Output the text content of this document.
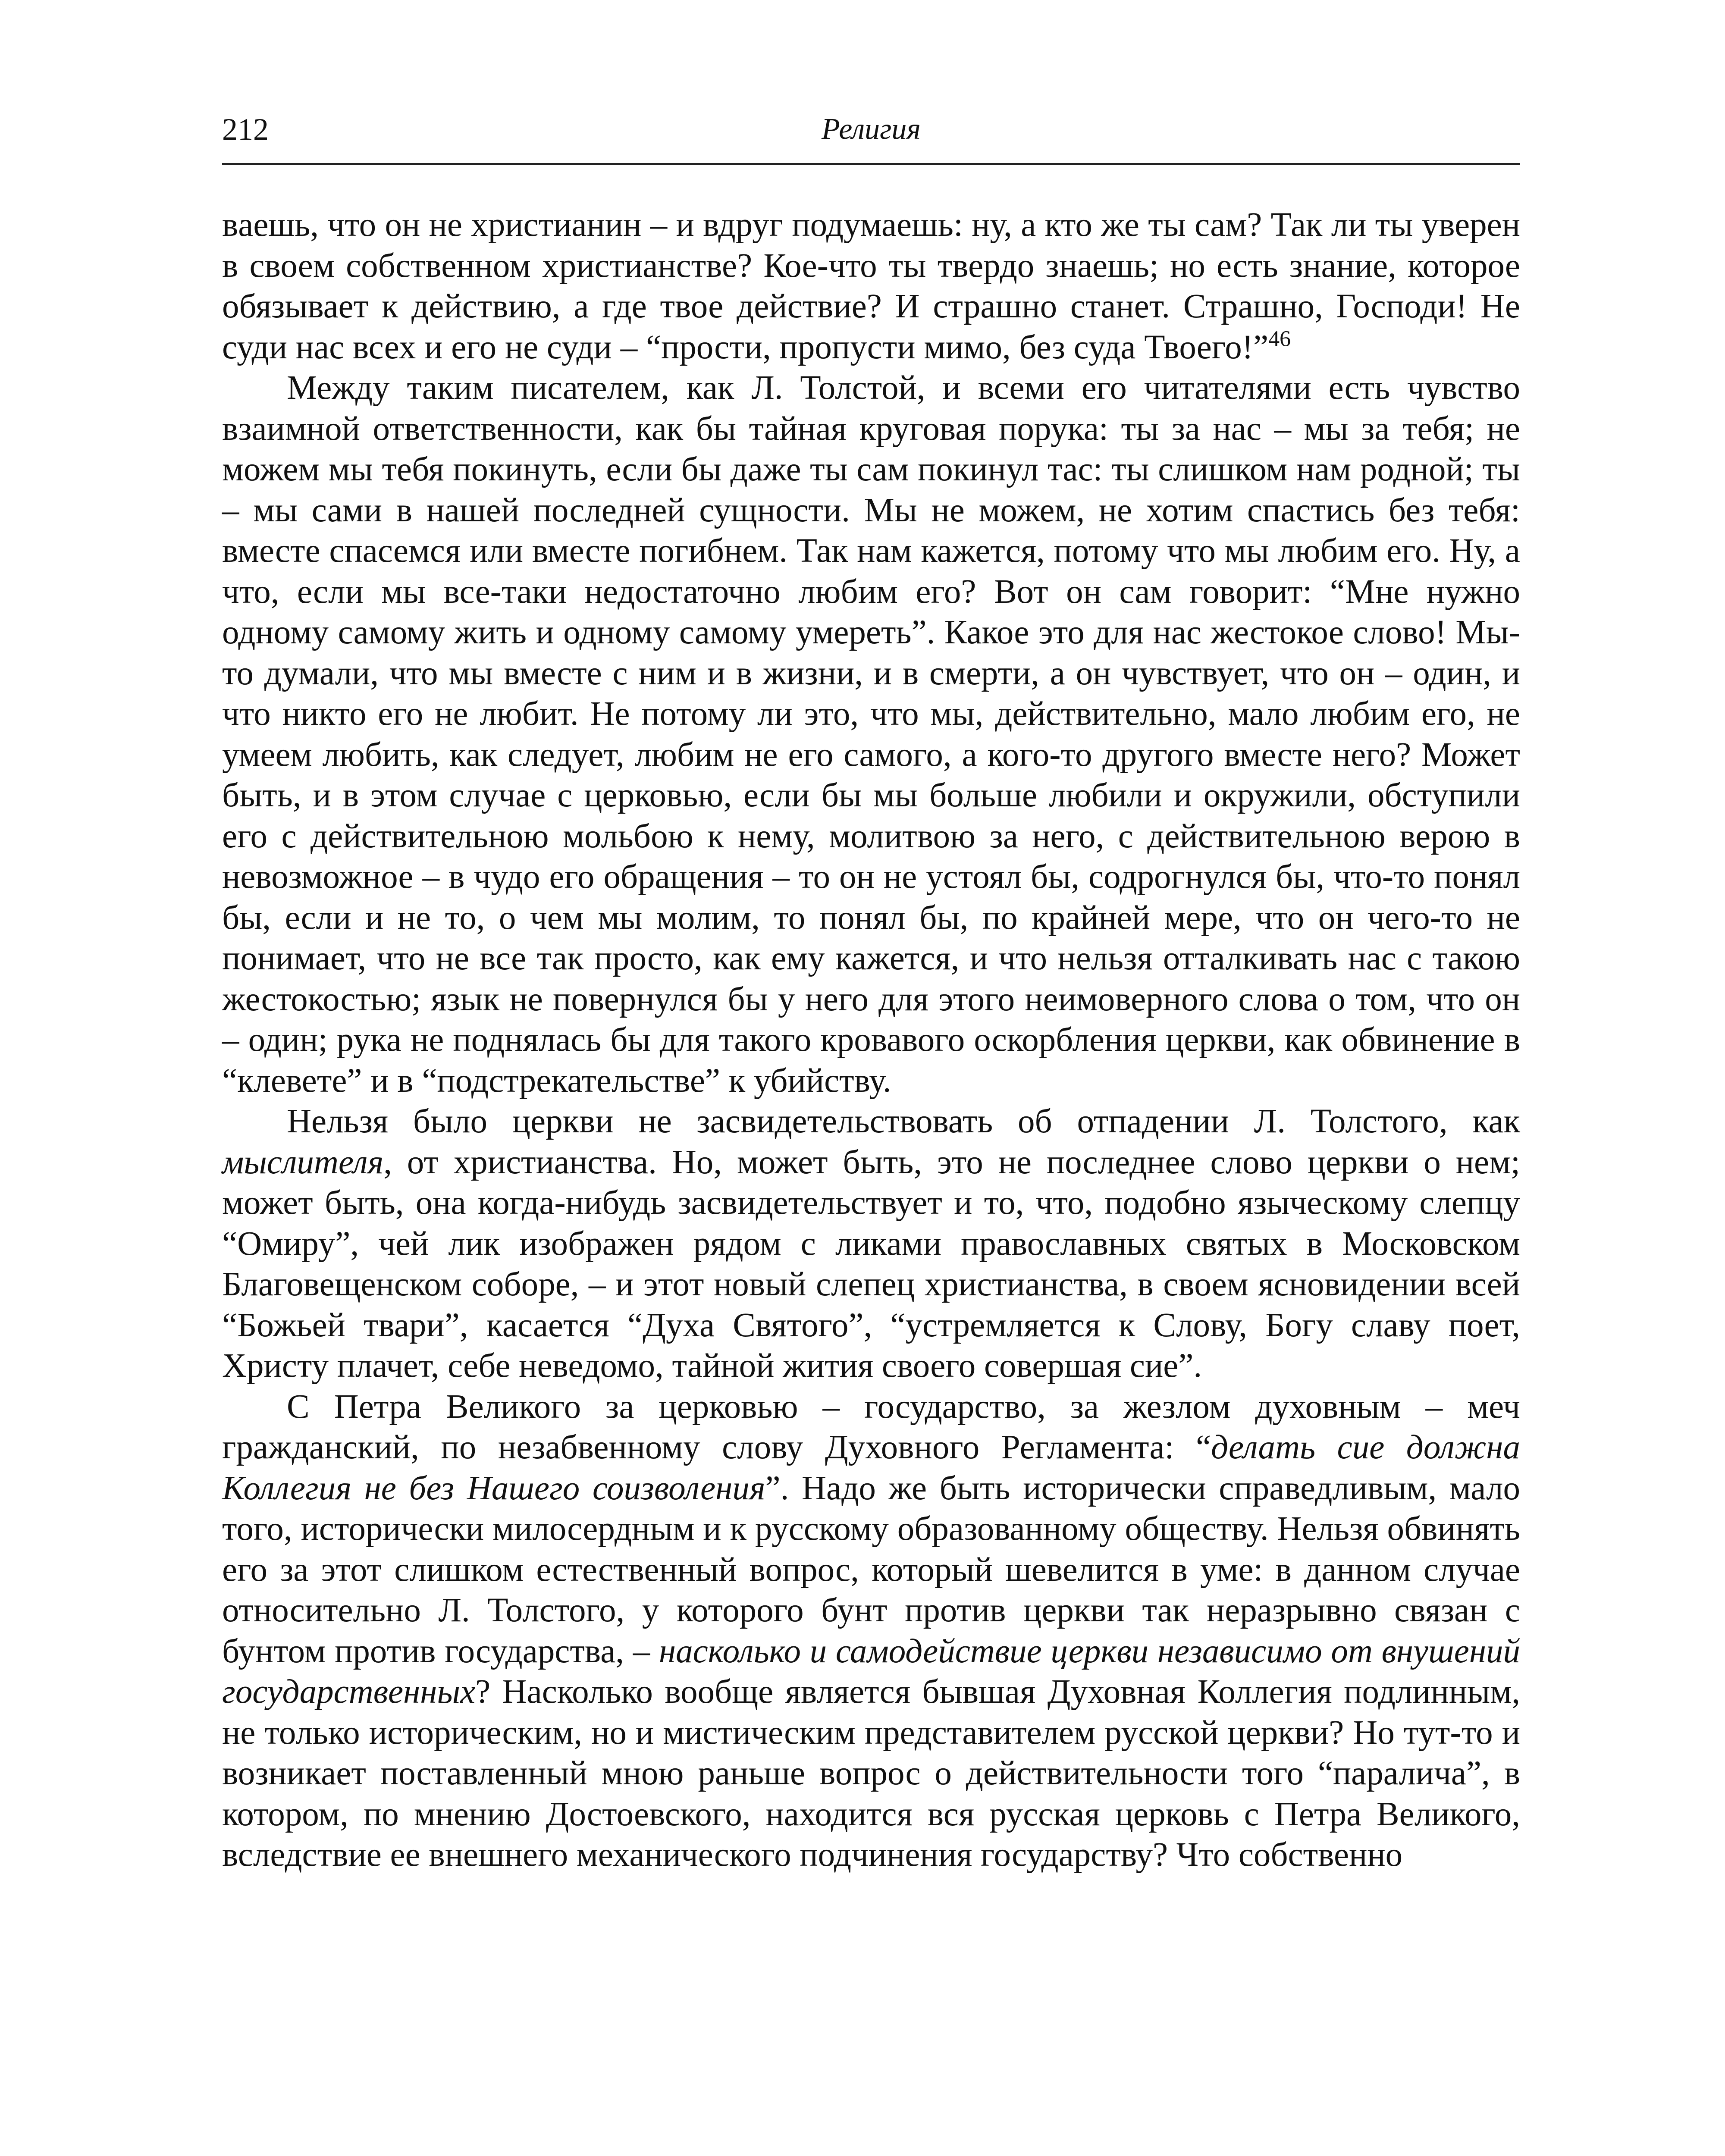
212	Религия

вaешь, что он не христианин – и вдруг подумаешь: ну, а кто же ты сам? Так ли ты уверен в своем собственном христианстве? Кое-что ты твердо знаешь; но есть знание, которое обязывает к действию, а где твое действие? И страшно станет. Страшно, Господи! Не суди нас всех и его не суди – “прости, пропусти мимо, без суда Твоего!”$^{46}$

Между таким писателем, как Л. Толстой, и всеми его читателями есть чувство взаимной ответственности, как бы тайная круговая порука: ты за нас – мы за тебя; не можем мы тебя покинуть, если бы даже ты сам покинул тас: ты слишком нам родной; ты – мы сами в нашей последней сущности. Мы не можем, не хотим спастись без тебя: вместе спасемся или вместе погибнем. Так нам кажется, потому что мы любим его. Ну, а что, если мы все-таки недостаточно любим его? Вот он сам говорит: “Мне нужно одному самому жить и одному самому умереть”. Какое это для нас жестокое слово! Мы-то думали, что мы вместе с ним и в жизни, и в смерти, а он чувствует, что он – один, и что никто его не любит. Не потому ли это, что мы, действительно, мало любим его, не умеем любить, как следует, любим не его самого, а кого-то другого вместе него? Может быть, и в этом случае с церковью, если бы мы больше любили и окружили, обступили его с действительною мольбою к нему, молитвою за него, с действительною верою в невозможное – в чудо его обращения – то он не устоял бы, содрогнулся бы, что-то понял бы, если и не то, о чем мы молим, то понял бы, по крайней мере, что он чего-то не понимает, что не все так просто, как ему кажется, и что нельзя отталкивать нас с такою жестокостью; язык не повернулся бы у него для этого неимоверного слова о том, что он – один; рука не поднялась бы для такого кровавого оскорбления церкви, как обвинение в “клевете” и в “подстрекательстве” к убийству.

Нельзя было церкви не засвидетельствовать об отпадении Л. Толстого, как мыслителя, от христианства. Но, может быть, это не последнее слово церкви о нем; может быть, она когда-нибудь засвидетельствует и то, что, подобно языческому слепцу “Омиру”, чей лик изображен рядом с ликами православных святых в Московском Благовещенском соборе, – и этот новый слепец христианства, в своем ясновидении всей “Божьей твари”, касается “Духа Святого”, “устремляется к Слову, Богу славу поет, Христу плачет, себе неведомо, тайной жития своего совершая сие”.

С Петра Великого за церковью – государство, за жезлом духовным – меч гражданский, по незабвенному слову Духовного Регламента: “делать сие должна Коллегия не без Нашего соизволения”. Надо же быть исторически справедливым, мало того, исторически милосердным и к русскому образованному обществу. Нельзя обвинять его за этот слишком естественный вопрос, который шевелится в уме: в данном случае относительно Л. Толстого, у которого бунт против церкви так неразрывно связан с бунтом против государства, – насколько и самодействие церкви независимо от внушений государственных? Насколько вообще является бывшая Духовная Коллегия подлинным, не только историческим, но и мистическим представителем русской церкви? Но тут-то и возникает поставленный мною раньше вопрос о действительности того “паралича”, в котором, по мнению Достоевского, находится вся русская церковь с Петра Великого, вследствие ее внешнего механического подчинения государству? Что собственно
